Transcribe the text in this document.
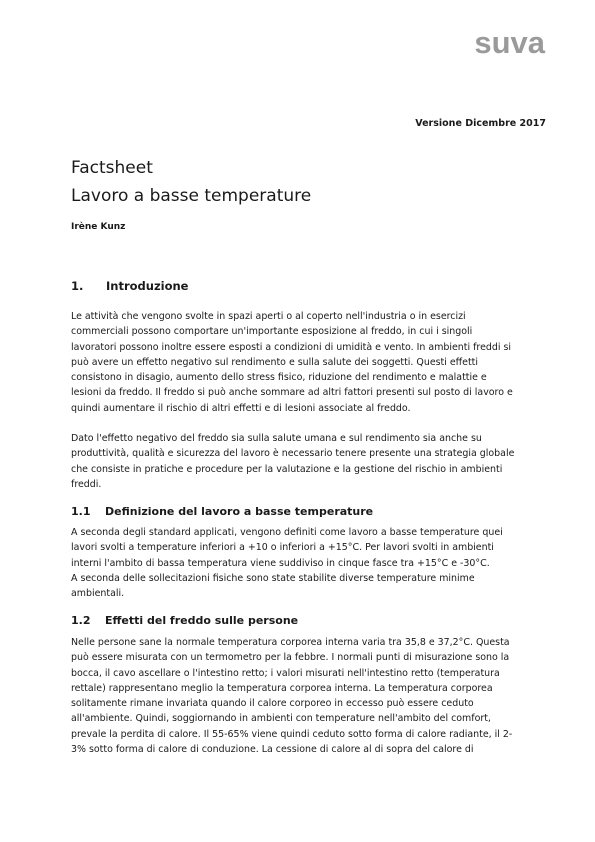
suva
Versione Dicembre 2017
Factsheet
Lavoro a basse temperature
Irène Kunz
1. Introduzione
Le attività che vengono svolte in spazi aperti o al coperto nell'industria o in esercizi
commerciali possono comportare un'importante esposizione al freddo, in cui i singoli
lavoratori possono inoltre essere esposti a condizioni di umidità e vento. In ambienti freddi si
può avere un effetto negativo sul rendimento e sulla salute dei soggetti. Questi effetti
consistono in disagio, aumento dello stress fisico, riduzione del rendimento e malattie e
lesioni da freddo. Il freddo si può anche sommare ad altri fattori presenti sul posto di lavoro e
quindi aumentare il rischio di altri effetti e di lesioni associate al freddo.
Dato l'effetto negativo del freddo sia sulla salute umana e sul rendimento sia anche su
produttività, qualità e sicurezza del lavoro è necessario tenere presente una strategia globale
che consiste in pratiche e procedure per la valutazione e la gestione del rischio in ambienti
freddi.
1.1 Definizione del lavoro a basse temperature
A seconda degli standard applicati, vengono definiti come lavoro a basse temperature quei
lavori svolti a temperature inferiori a +10 o inferiori a +15°C. Per lavori svolti in ambienti
interni l'ambito di bassa temperatura viene suddiviso in cinque fasce tra +15°C e -30°C.
A seconda delle sollecitazioni fisiche sono state stabilite diverse temperature minime
ambientali.
1.2 Effetti del freddo sulle persone
Nelle persone sane la normale temperatura corporea interna varia tra 35,8 e 37,2°C. Questa
può essere misurata con un termometro per la febbre. I normali punti di misurazione sono la
bocca, il cavo ascellare o l'intestino retto; i valori misurati nell'intestino retto (temperatura
rettale) rappresentano meglio la temperatura corporea interna. La temperatura corporea
solitamente rimane invariata quando il calore corporeo in eccesso può essere ceduto
all'ambiente. Quindi, soggiornando in ambienti con temperature nell'ambito del comfort,
prevale la perdita di calore. Il 55-65% viene quindi ceduto sotto forma di calore radiante, il 2-
3% sotto forma di calore di conduzione. La cessione di calore al di sopra del calore di
